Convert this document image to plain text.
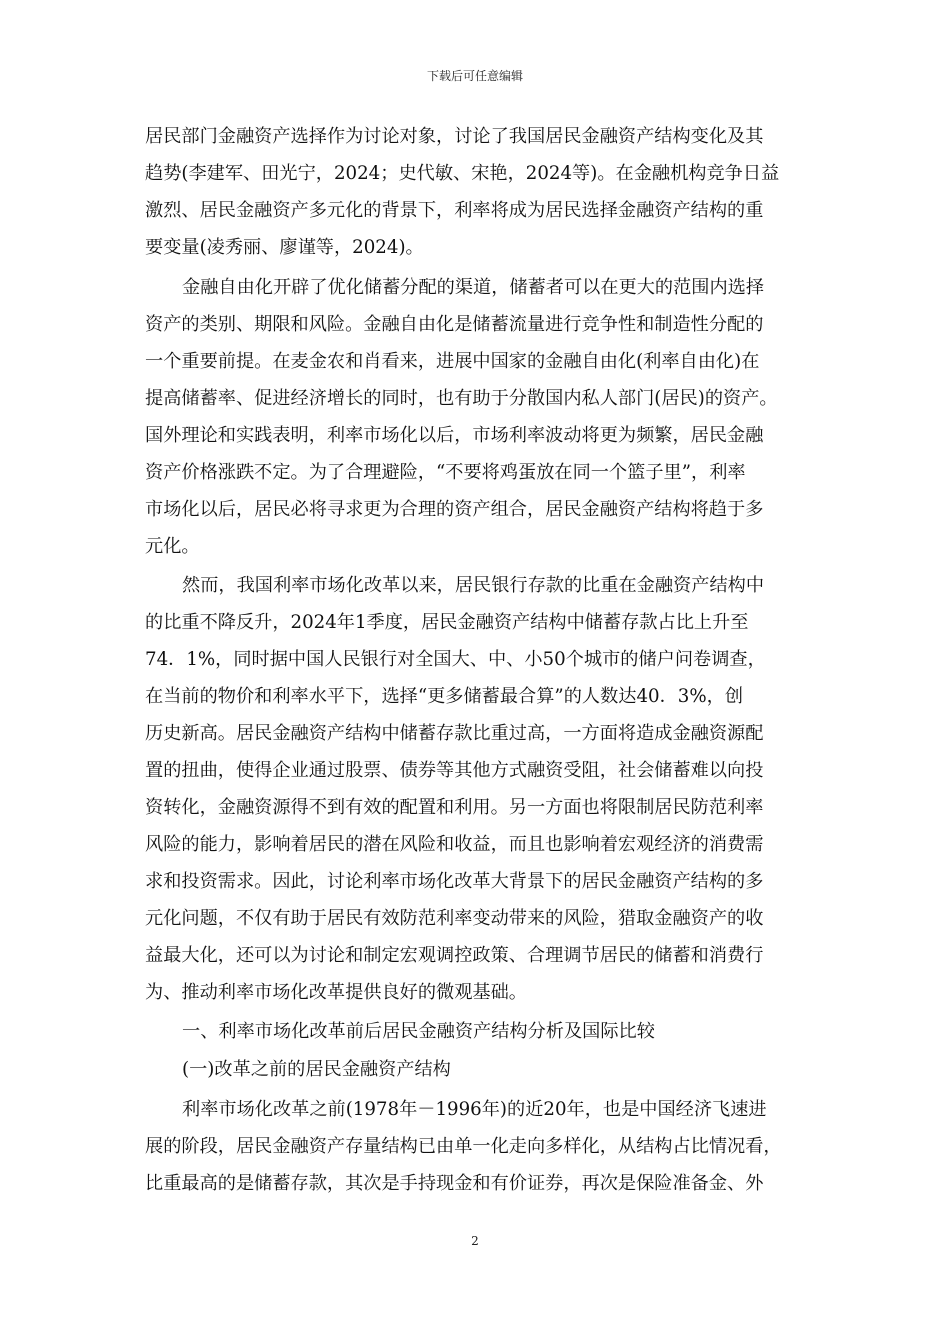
下载后可任意编辑
居民部门金融资产选择作为讨论对象，讨论了我国居民金融资产结构变化及其
趋势(李建军、田光宁，2024；史代敏、宋艳，2024等)。在金融机构竞争日益
激烈、居民金融资产多元化的背景下，利率将成为居民选择金融资产结构的重
要变量(凌秀丽、廖谨等，2024)。
金融自由化开辟了优化储蓄分配的渠道，储蓄者可以在更大的范围内选择
资产的类别、期限和风险。金融自由化是储蓄流量进行竞争性和制造性分配的
一个重要前提。在麦金农和肖看来，进展中国家的金融自由化(利率自由化)在
提高储蓄率、促进经济增长的同时，也有助于分散国内私人部门(居民)的资产。
国外理论和实践表明，利率市场化以后，市场利率波动将更为频繁，居民金融
资产价格涨跌不定。为了合理避险，“不要将鸡蛋放在同一个篮子里”，利率
市场化以后，居民必将寻求更为合理的资产组合，居民金融资产结构将趋于多
元化。
然而，我国利率市场化改革以来，居民银行存款的比重在金融资产结构中
的比重不降反升，2024年1季度，居民金融资产结构中储蓄存款占比上升至
74．1%，同时据中国人民银行对全国大、中、小50个城市的储户问卷调查，
在当前的物价和利率水平下，选择“更多储蓄最合算”的人数达40．3%，创
历史新高。居民金融资产结构中储蓄存款比重过高，一方面将造成金融资源配
置的扭曲，使得企业通过股票、债券等其他方式融资受阻，社会储蓄难以向投
资转化，金融资源得不到有效的配置和利用。另一方面也将限制居民防范利率
风险的能力，影响着居民的潜在风险和收益，而且也影响着宏观经济的消费需
求和投资需求。因此，讨论利率市场化改革大背景下的居民金融资产结构的多
元化问题，不仅有助于居民有效防范利率变动带来的风险，猎取金融资产的收
益最大化，还可以为讨论和制定宏观调控政策、合理调节居民的储蓄和消费行
为、推动利率市场化改革提供良好的微观基础。
一、利率市场化改革前后居民金融资产结构分析及国际比较
(一)改革之前的居民金融资产结构
利率市场化改革之前(1978年－1996年)的近20年，也是中国经济飞速进
展的阶段，居民金融资产存量结构已由单一化走向多样化，从结构占比情况看，
比重最高的是储蓄存款，其次是手持现金和有价证券，再次是保险准备金、外
2
